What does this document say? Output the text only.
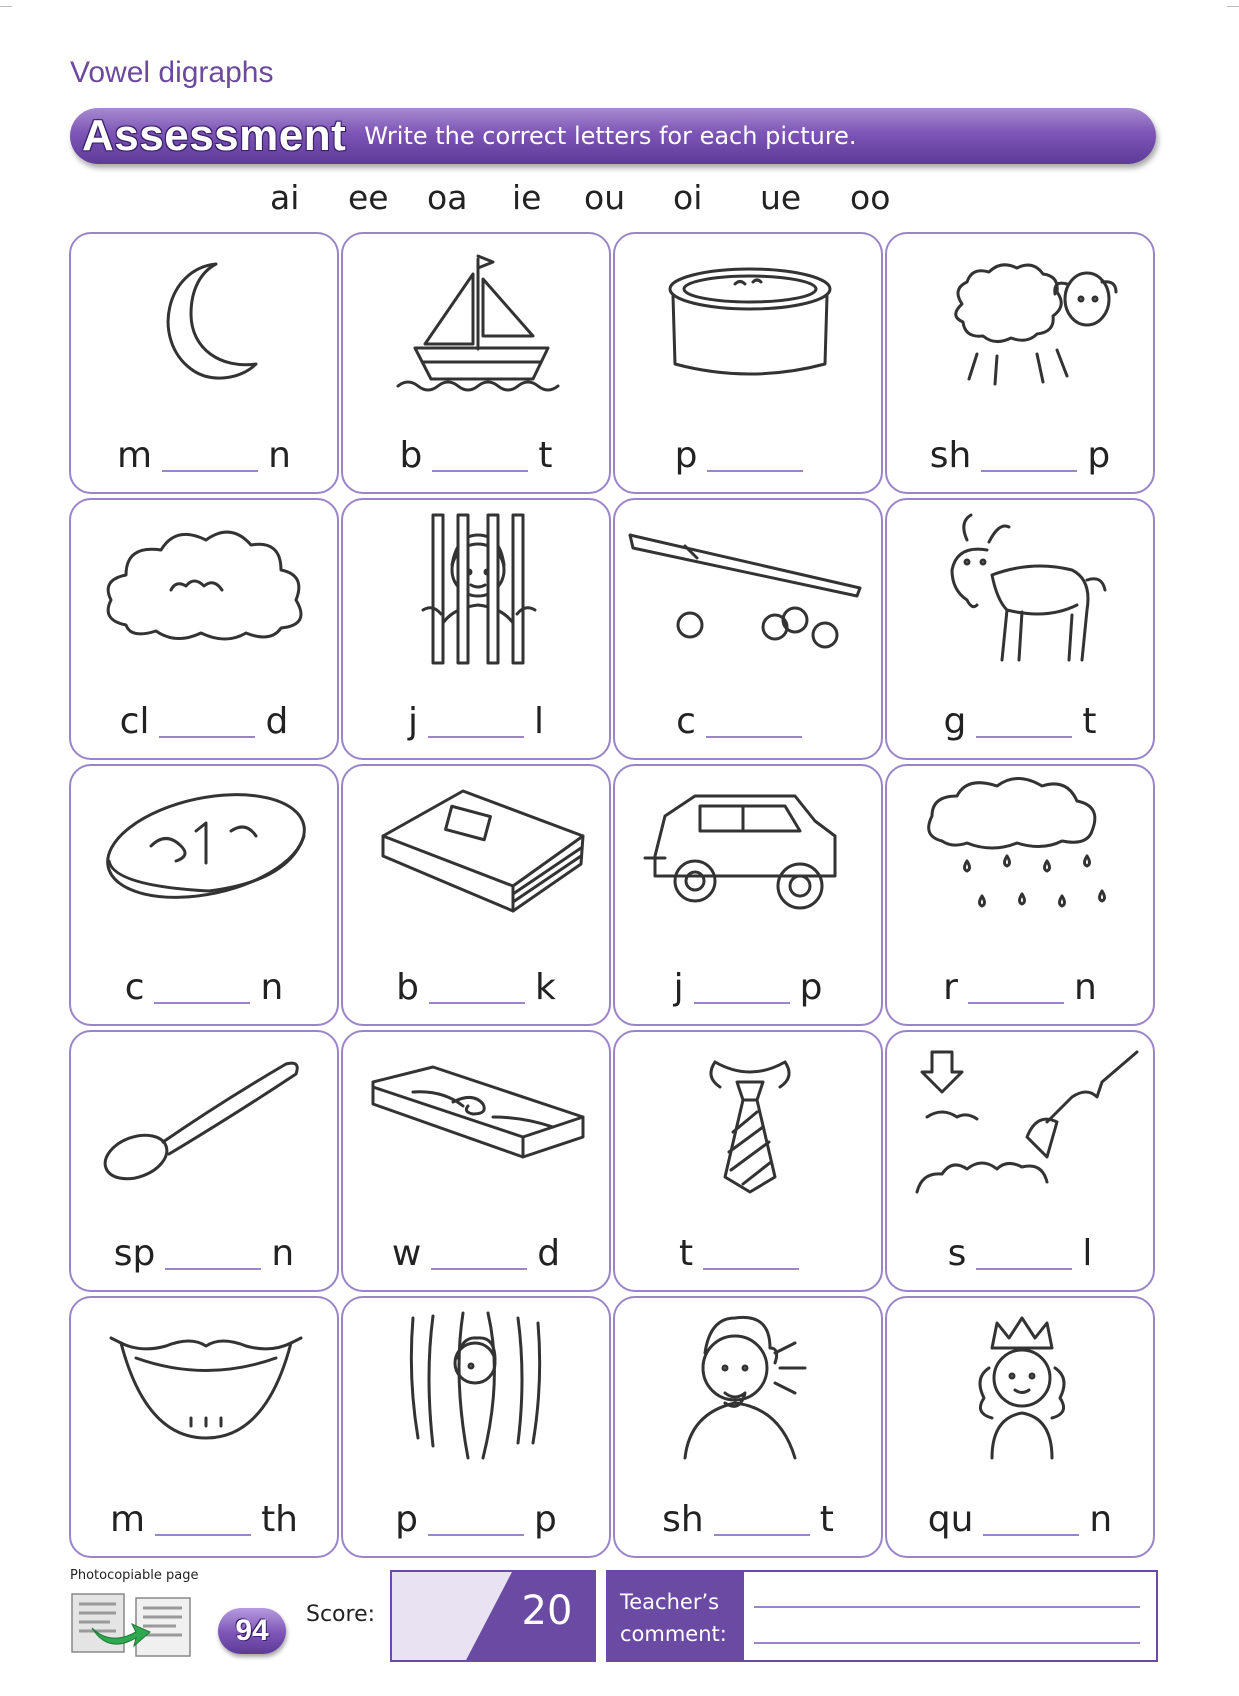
Vowel digraphs
Assessment Write the correct letters for each picture.
ai ee oa ie ou oi ue oo
m	n	b	t	p	sh	p
cl	d	j	l	c	g	t
c	n	b	k	j	p	r	n
sp	n	w	d	t	s	l
m	th	p	p	sh	t	qu	n
Photocopiable page
94	Score:	20	Teacher’s
comment:
